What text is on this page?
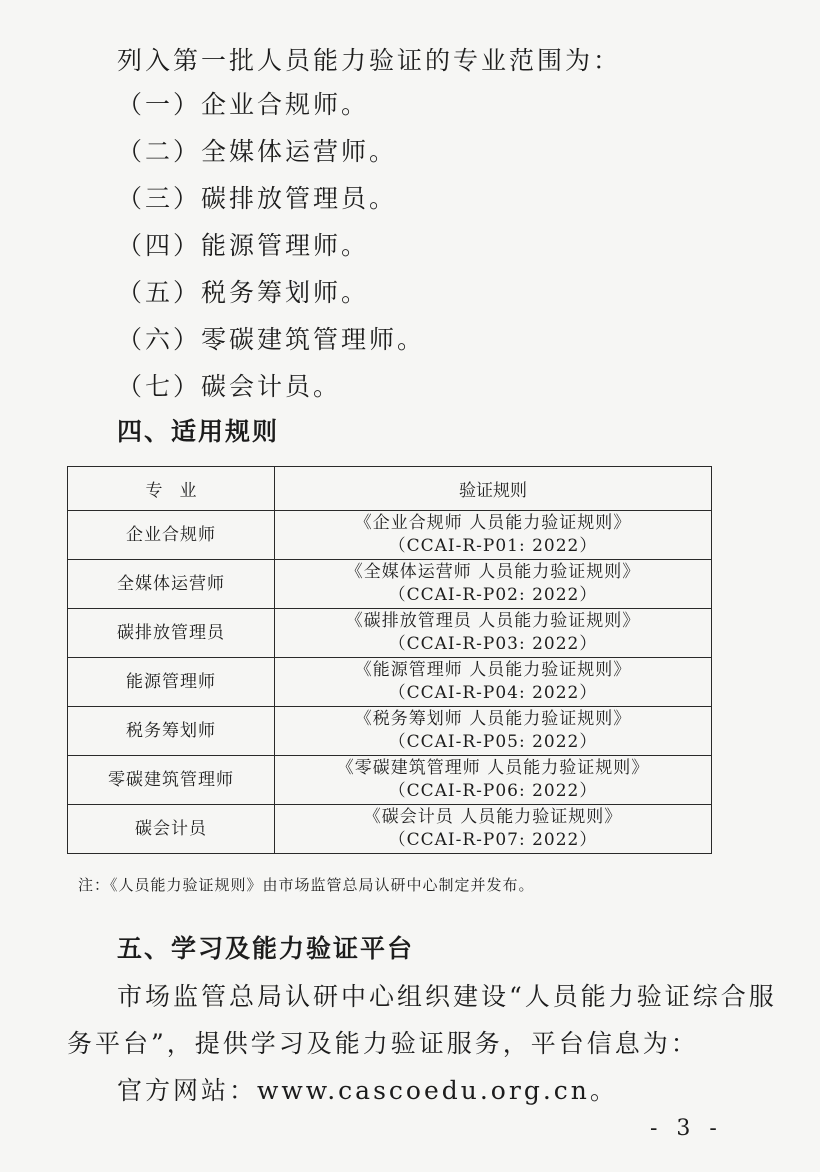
列入第一批人员能力验证的专业范围为：
（一）企业合规师。
（二）全媒体运营师。
（三）碳排放管理员。
（四）能源管理师。
（五）税务筹划师。
（六）零碳建筑管理师。
（七）碳会计员。
四、适用规则
专　业	验证规则
企业合规师	《企业合规师 人员能力验证规则》
（CCAI-R-P01: 2022）

全媒体运营师	《全媒体运营师 人员能力验证规则》
（CCAI-R-P02: 2022）

碳排放管理员	《碳排放管理员 人员能力验证规则》
（CCAI-R-P03: 2022）

能源管理师	《能源管理师 人员能力验证规则》
（CCAI-R-P04: 2022）

税务筹划师	《税务筹划师 人员能力验证规则》
（CCAI-R-P05: 2022）

零碳建筑管理师	《零碳建筑管理师 人员能力验证规则》
（CCAI-R-P06: 2022）

碳会计员	《碳会计员 人员能力验证规则》
（CCAI-R-P07: 2022）
注：《人员能力验证规则》由市场监管总局认研中心制定并发布。
五、学习及能力验证平台
市场监管总局认研中心组织建设“人员能力验证综合服
务平台”，提供学习及能力验证服务，平台信息为：
官方网站：www.cascoedu.org.cn。
- 3 -
